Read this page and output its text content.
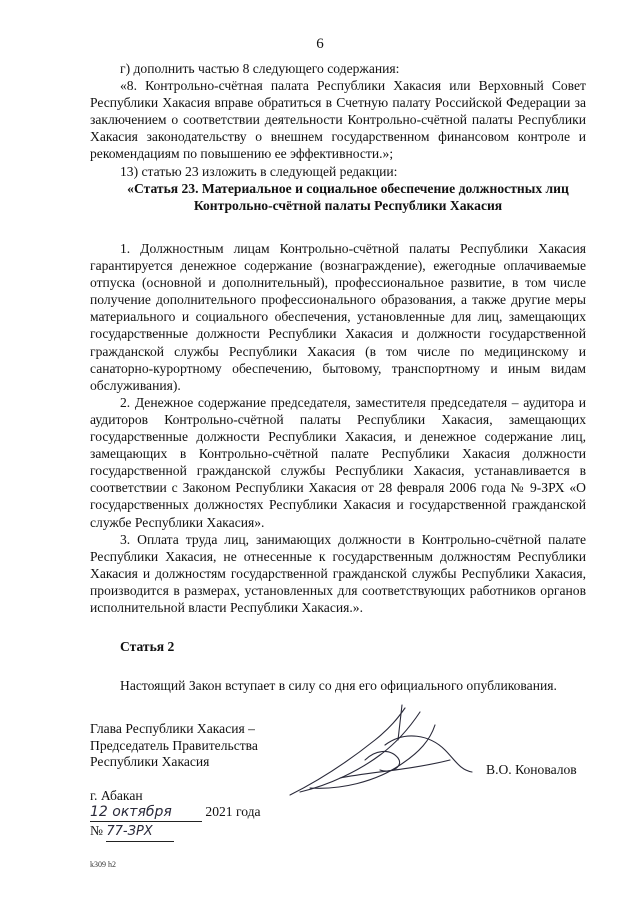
6

г) дополнить частью 8 следующего содержания:

«8. Контрольно-счётная палата Республики Хакасия или Верховный Совет Республики Хакасия вправе обратиться в Счетную палату Российской Федерации за заключением о соответствии деятельности Контрольно-счётной палаты Республики Хакасия законодательству о внешнем государственном финансовом контроле и рекомендациям по повышению ее эффективности.»;

13) статью 23 изложить в следующей редакции:

«Статья 23. Материальное и социальное обеспечение должностных лиц Контрольно-счётной палаты Республики Хакасия

1. Должностным лицам Контрольно-счётной палаты Республики Хакасия гарантируется денежное содержание (вознаграждение), ежегодные оплачиваемые отпуска (основной и дополнительный), профессиональное развитие, в том числе получение дополнительного профессионального образования, а также другие меры материального и социального обеспечения, установленные для лиц, замещающих государственные должности Республики Хакасия и должности государственной гражданской службы Республики Хакасия (в том числе по медицинскому и санаторно-курортному обеспечению, бытовому, транспортному и иным видам обслуживания).

2. Денежное содержание председателя, заместителя председателя – аудитора и аудиторов Контрольно-счётной палаты Республики Хакасия, замещающих государственные должности Республики Хакасия, и денежное содержание лиц, замещающих в Контрольно-счётной палате Республики Хакасия должности государственной гражданской службы Республики Хакасия, устанавливается в соответствии с Законом Республики Хакасия от 28 февраля 2006 года № 9-ЗРХ «О государственных должностях Республики Хакасия и государственной гражданской службе Республики Хакасия».

3. Оплата труда лиц, занимающих должности в Контрольно-счётной палате Республики Хакасия, не отнесенные к государственным должностям Республики Хакасия и должностям государственной гражданской службы Республики Хакасия, производится в размерах, установленных для соответствующих работников органов исполнительной власти Республики Хакасия.».

Статья 2

Настоящий Закон вступает в силу со дня его официального опубликования.

Глава Республики Хакасия –
Председатель Правительства
Республики Хакасия
В.О. Коновалов
г. Абакан
12 октября 2021 года
№ 77-ЗРХ
k309 h2
